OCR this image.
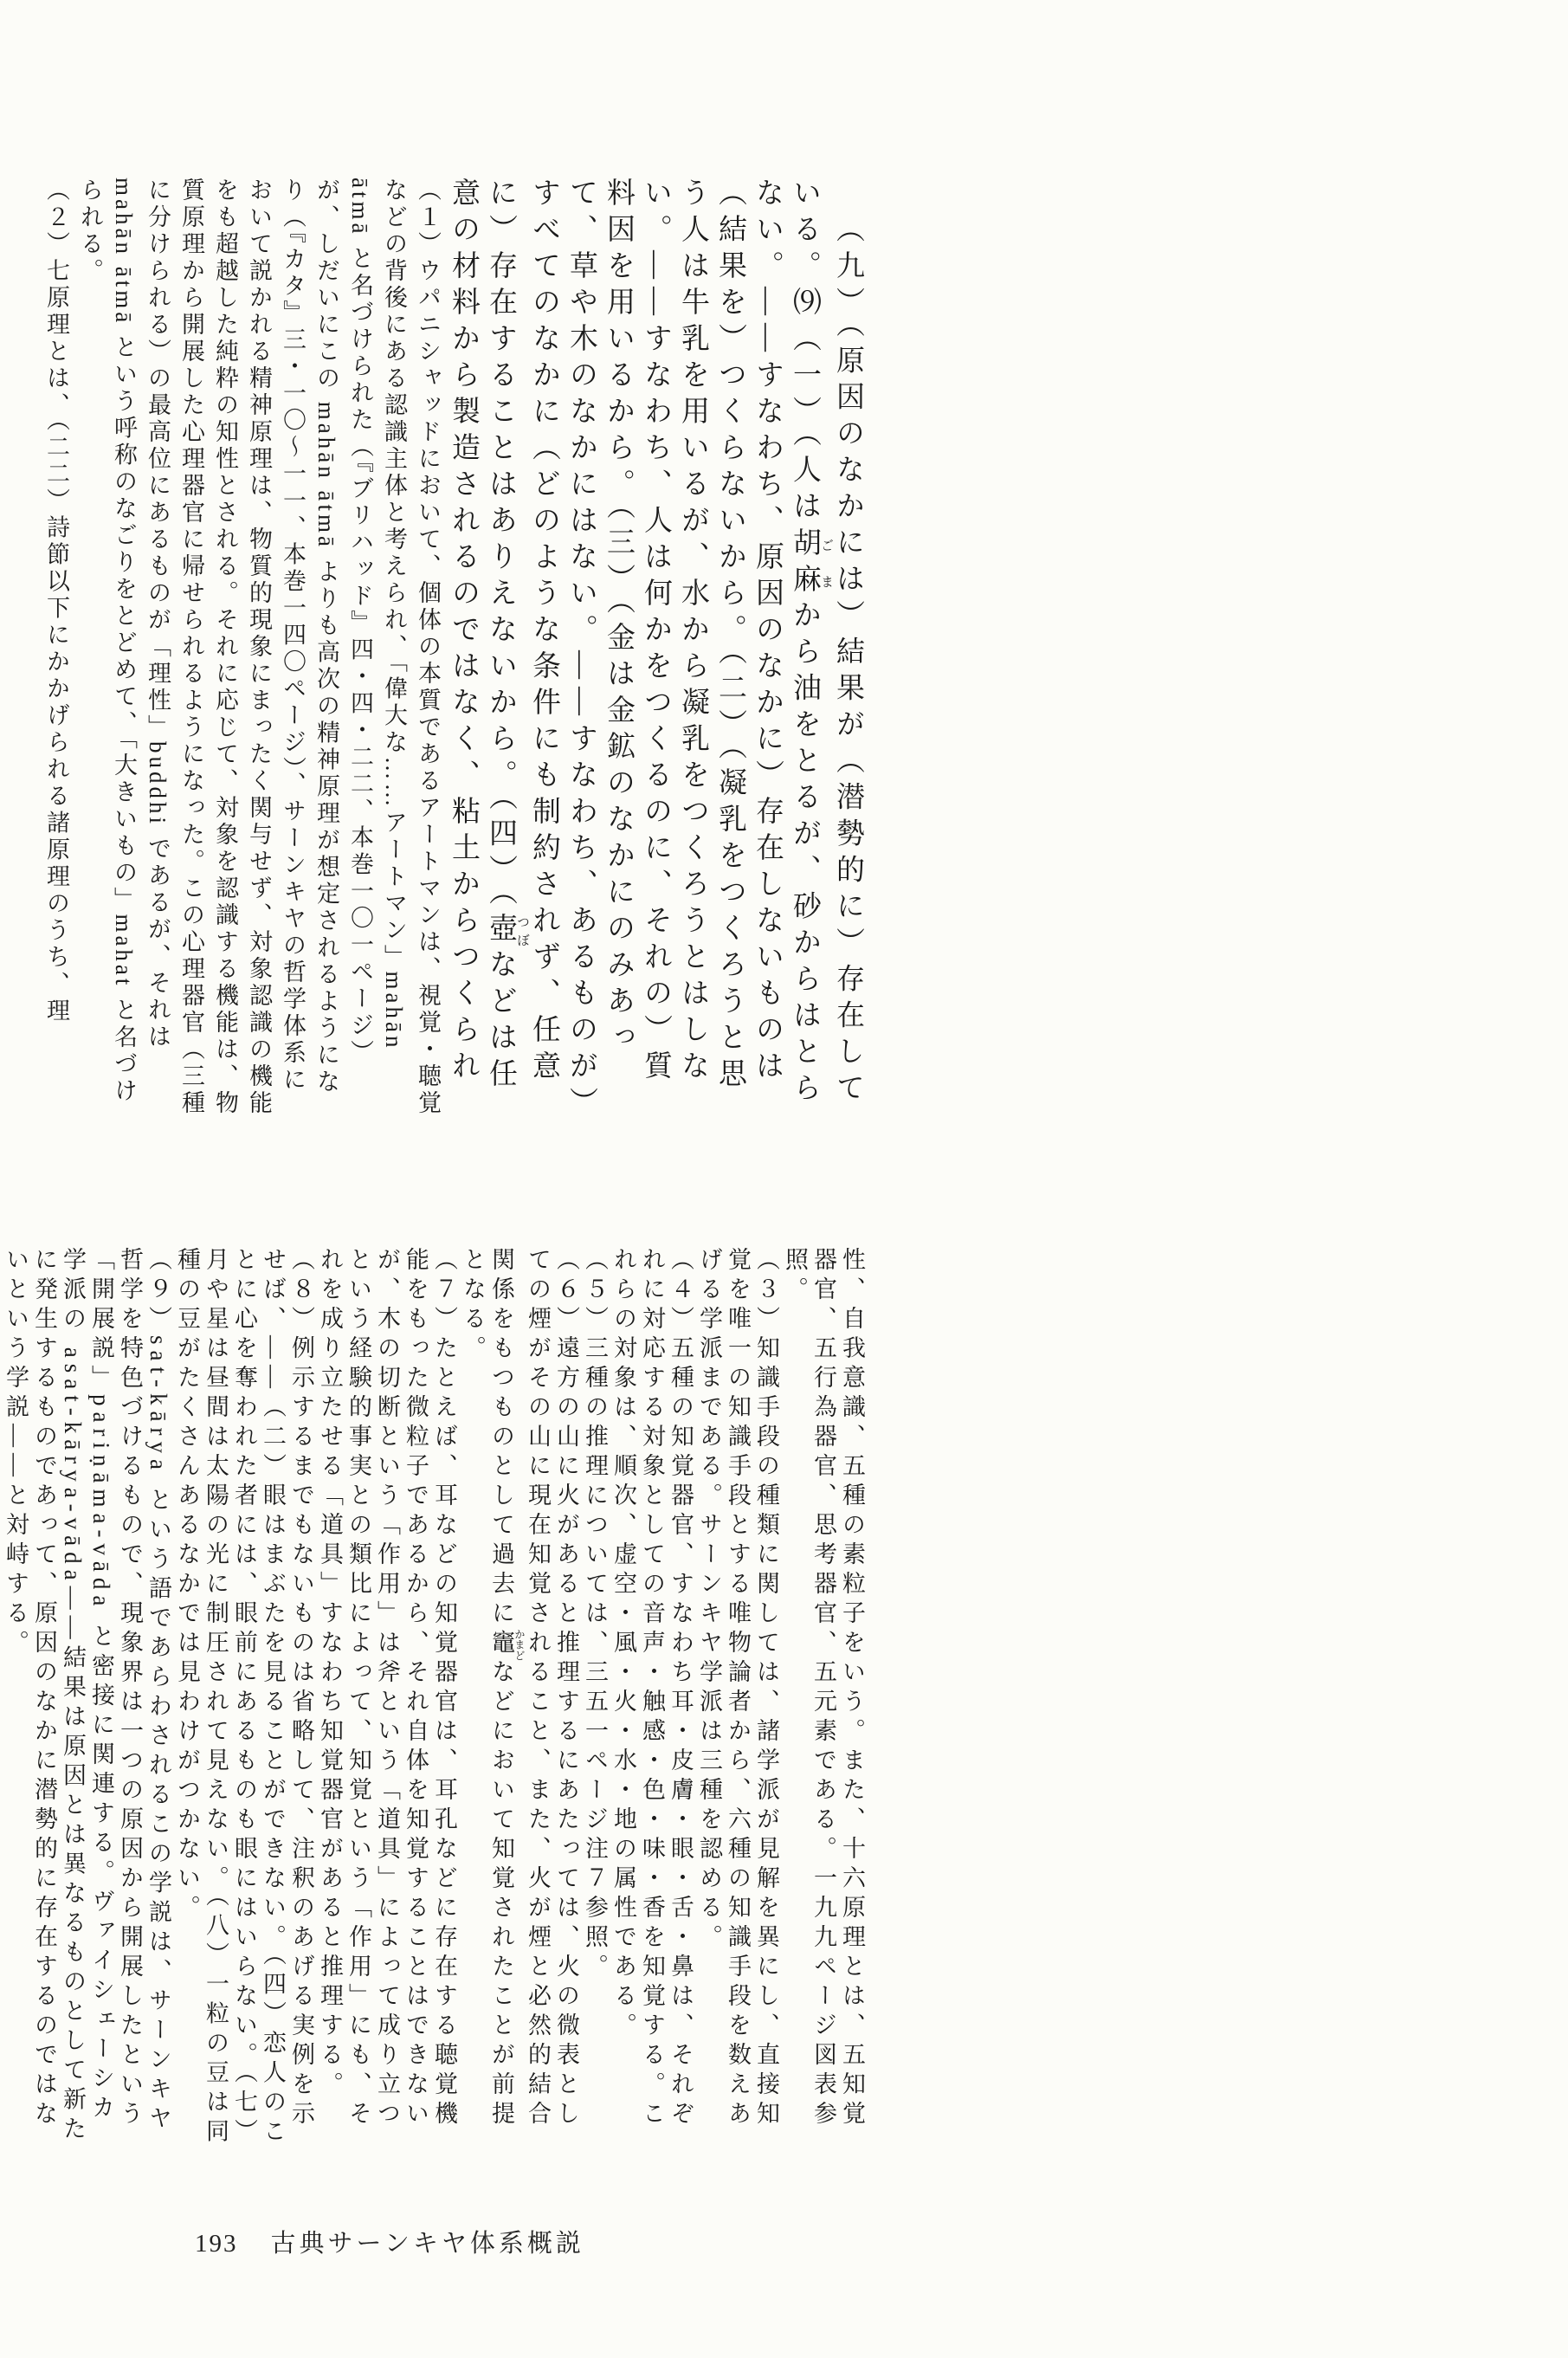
（九）（原因のなかには）結果が（潜勢的に）存在している。⑼（一）（人は胡麻 ごまから油をとるが、砂からはとらない。——すなわち、原因のなかに）存在しないものは（結果を）つくらないから。（二）（凝乳をつくろうと思う人は牛乳を用いるが、水から凝乳をつくろうとはしない。——すなわち、人は何かをつくるのに、それの）質料因を用いるから。（三）（金は金鉱のなかにのみあって、草や木のなかにはない。——すなわち、あるものが）すべてのなかに（どのような条件にも制約されず、任意に）存在することはありえないから。（四）（壺 つぼなどは任意の材料から製造されるのではなく、粘土からつくられ

（１）ウパニシャッドにおいて、個体の本質であるアートマンは、視覚・聴覚などの背後にある認識主体と考えられ、「偉大な……アートマン」mahān ātmā と名づけられた（『ブリハッド』四・四・二二、本巻一〇一ページ）が、しだいにこの mahān ātmā よりも高次の精神原理が想定されるようになり（『カタ』三・一〇〜一一、本巻一四〇ページ）、サーンキヤの哲学体系において説かれる精神原理は、物質的現象にまったく関与せず、対象認識の機能をも超越した純粋の知性とされる。それに応じて、対象を認識する機能は、物質原理から開展した心理器官に帰せられるようになった。この心理器官（三種に分けられる）の最高位にあるものが「理性」buddhi であるが、それは mahān ātmā という呼称のなごりをとどめて、「大きいもの」mahat と名づけられる。

（２）七原理とは、（二二）詩節以下にかかげられる諸原理のうち、理

性、自我意識、五種の素粒子をいう。また、十六原理とは、五知覚器官、五行為器官、思考器官、五元素である。一九九ページ図表参照。

（３）知識手段の種類に関しては、諸学派が見解を異にし、直接知覚を唯一の知識手段とする唯物論者から、六種の知識手段を数えあげる学派まである。サーンキヤ学派は三種を認める。

（４）五種の知覚器官、すなわち耳・皮膚・眼・舌・鼻は、それぞれに対応する対象としての音声・触感・色・味・香を知覚する。これらの対象は、順次、虚空・風・火・水・地の属性である。

（５）三種の推理については、三五一ページ注７参照。

（６）遠方の山に火があると推理するにあたっては、火の微表としての煙がその山に現在知覚されること、また、火が煙と必然的結合関係をもつものとして過去に竈 かまどなどにおいて知覚されたことが前提となる。

（７）たとえば、耳などの知覚器官は、耳孔などに存在する聴覚機能をもった微粒子であるから、それ自体を知覚することはできないが、木の切断という「作用」は斧という「道具」によって成り立つという経験的事実との類比によって、知覚という「作用」にも、それを成り立たせる「道具」すなわち知覚器官があると推理する。

（８）例示するまでもないものは省略して、注釈のあげる実例を示せば、——（二）眼はまぶたを見ることができない。（四）恋人のことに心を奪われた者には、眼前にあるものも眼にはいらない。（七）月や星は昼間は太陽の光に制圧されて見えない。（八）一粒の豆は同種の豆がたくさんあるなかでは見わけがつかない。

（９）sat-kārya という語であらわされるこの学説は、サーンキヤ哲学を特色づけるもので、現象界は一つの原因から開展したという「開展説」pariṇāma-vāda と密接に関連する。ヴァイシェーシカ学派の asat-kārya-vāda——結果は原因とは異なるものとして新たに発生するものであって、原因のなかに潜勢的に存在するのではないという学説——と対峙する。

193 古典サーンキヤ体系概説
